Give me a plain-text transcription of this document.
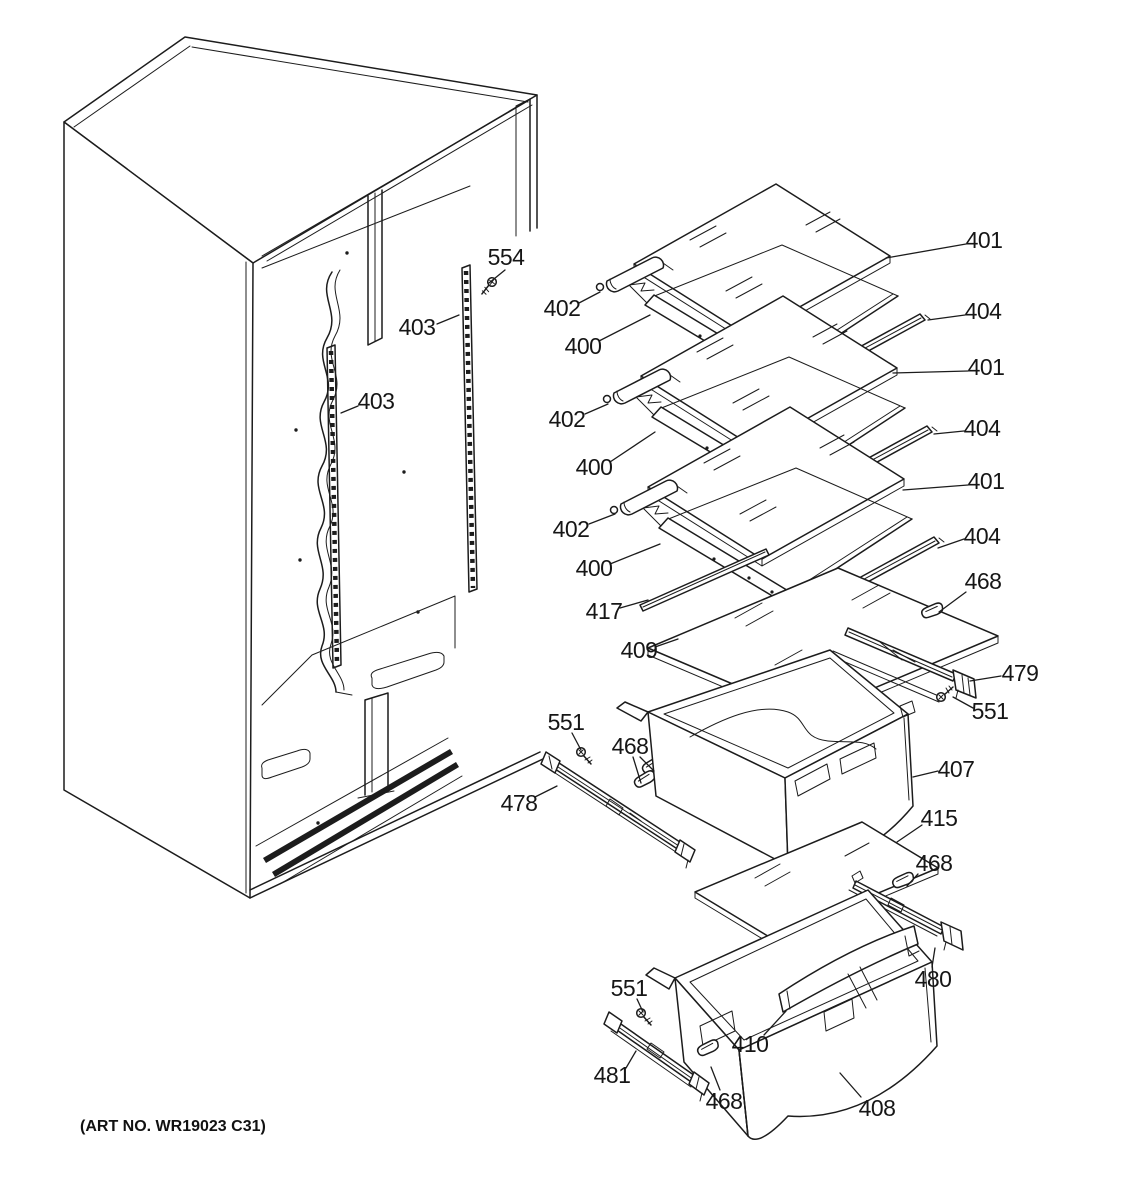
554
403
403
402
400
401
404
402
400
401
404
402
400
401
404
417
409
468
479
551
551
468
478
407
415
468
480
551
481
468
410
408
(ART NO. WR19023 C31)
